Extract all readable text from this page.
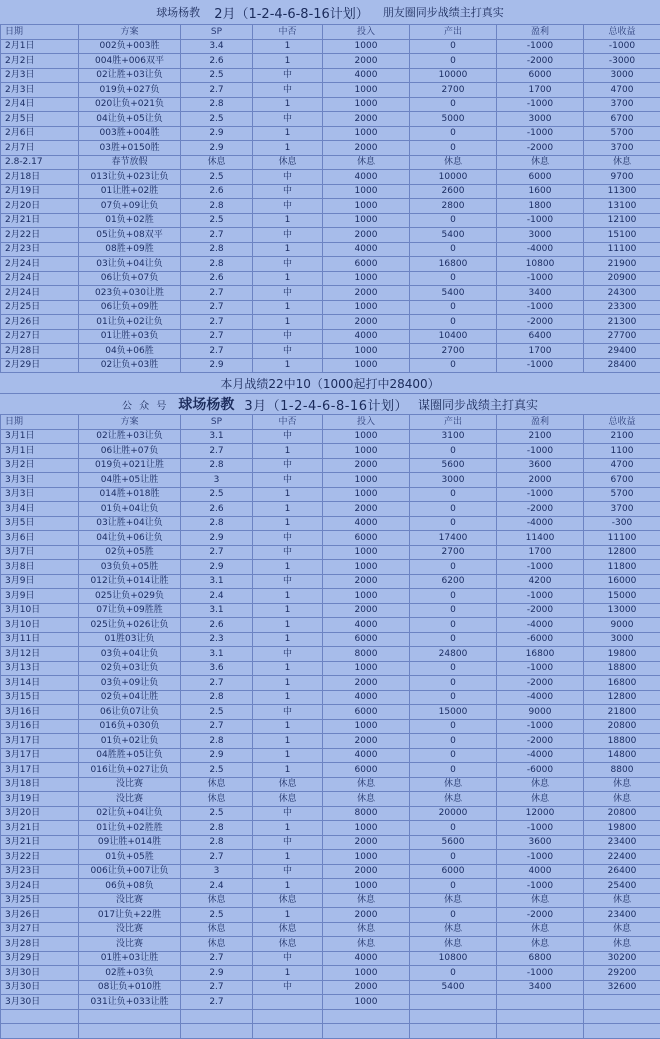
球场杨教 2月（1-2-4-6-8-16计划） 朋友圈同步战绩主打真实
日期	方案	SP	中否	投入	产出	盈利	总收益
2月1日	002负+003胜	3.4	1	1000	0	-1000	-1000
2月2日	004胜+006双平	2.6	1	2000	0	-2000	-3000
2月3日	02让胜+03让负	2.5	中	4000	10000	6000	3000
2月3日	019负+027负	2.7	中	1000	2700	1700	4700
2月4日	020让负+021负	2.8	1	1000	0	-1000	3700
2月5日	04让负+05让负	2.5	中	2000	5000	3000	6700
2月6日	003胜+004胜	2.9	1	1000	0	-1000	5700
2月7日	03胜+0150胜	2.9	1	2000	0	-2000	3700
2.8-2.17	春节放假	休息	休息	休息	休息	休息	休息
2月18日	013让负+023让负	2.5	中	4000	10000	6000	9700
2月19日	01让胜+02胜	2.6	中	1000	2600	1600	11300
2月20日	07负+09让负	2.8	中	1000	2800	1800	13100
2月21日	01负+02胜	2.5	1	1000	0	-1000	12100
2月22日	05让负+08双平	2.7	中	2000	5400	3000	15100
2月23日	08胜+09胜	2.8	1	4000	0	-4000	11100
2月24日	03让负+04让负	2.8	中	6000	16800	10800	21900
2月24日	06让负+07负	2.6	1	1000	0	-1000	20900
2月24日	023负+030让胜	2.7	中	2000	5400	3400	24300
2月25日	06让负+09胜	2.7	1	1000	0	-1000	23300
2月26日	01让负+02让负	2.7	1	2000	0	-2000	21300
2月27日	01让胜+03负	2.7	中	4000	10400	6400	27700
2月28日	04负+06胜	2.7	中	1000	2700	1700	29400
2月29日	02让负+03胜	2.9	1	1000	0	-1000	28400
本月战绩22中10（1000起打中28400）
公 众 号 球场杨教 3月（1-2-4-6-8-16计划） 谋圈同步战绩主打真实
日期	方案	SP	中否	投入	产出	盈利	总收益
3月1日	02让胜+03让负	3.1	中	1000	3100	2100	2100
3月1日	06让胜+07负	2.7	1	1000	0	-1000	1100
3月2日	019负+021让胜	2.8	中	2000	5600	3600	4700
3月3日	04胜+05让胜	3	中	1000	3000	2000	6700
3月3日	014胜+018胜	2.5	1	1000	0	-1000	5700
3月4日	01负+04让负	2.6	1	2000	0	-2000	3700
3月5日	03让胜+04让负	2.8	1	4000	0	-4000	-300
3月6日	04让负+06让负	2.9	中	6000	17400	11400	11100
3月7日	02负+05胜	2.7	中	1000	2700	1700	12800
3月8日	03负负+05胜	2.9	1	1000	0	-1000	11800
3月9日	012让负+014让胜	3.1	中	2000	6200	4200	16000
3月9日	025让负+029负	2.4	1	1000	0	-1000	15000
3月10日	07让负+09胜胜	3.1	1	2000	0	-2000	13000
3月10日	025让负+026让负	2.6	1	4000	0	-4000	9000
3月11日	01胜03让负	2.3	1	6000	0	-6000	3000
3月12日	03负+04让负	3.1	中	8000	24800	16800	19800
3月13日	02负+03让负	3.6	1	1000	0	-1000	18800
3月14日	03负+09让负	2.7	1	2000	0	-2000	16800
3月15日	02负+04让胜	2.8	1	4000	0	-4000	12800
3月16日	06让负07让负	2.5	中	6000	15000	9000	21800
3月16日	016负+030负	2.7	1	1000	0	-1000	20800
3月17日	01负+02让负	2.8	1	2000	0	-2000	18800
3月17日	04胜胜+05让负	2.9	1	4000	0	-4000	14800
3月17日	016让负+027让负	2.5	1	6000	0	-6000	8800
3月18日	没比赛	休息	休息	休息	休息	休息	休息
3月19日	没比赛	休息	休息	休息	休息	休息	休息
3月20日	02让负+04让负	2.5	中	8000	20000	12000	20800
3月21日	01让负+02胜胜	2.8	1	1000	0	-1000	19800
3月21日	09让胜+014胜	2.8	中	2000	5600	3600	23400
3月22日	01负+05胜	2.7	1	1000	0	-1000	22400
3月23日	006让负+007让负	3	中	2000	6000	4000	26400
3月24日	06负+08负	2.4	1	1000	0	-1000	25400
3月25日	没比赛	休息	休息	休息	休息	休息	休息
3月26日	017让负+22胜	2.5	1	2000	0	-2000	23400
3月27日	没比赛	休息	休息	休息	休息	休息	休息
3月28日	没比赛	休息	休息	休息	休息	休息	休息
3月29日	01胜+03让胜	2.7	中	4000	10800	6800	30200
3月30日	02胜+03负	2.9	1	1000	0	-1000	29200
3月30日	08让负+010胜	2.7	中	2000	5400	3400	32600
3月30日	031让负+033让胜	2.7		1000			
